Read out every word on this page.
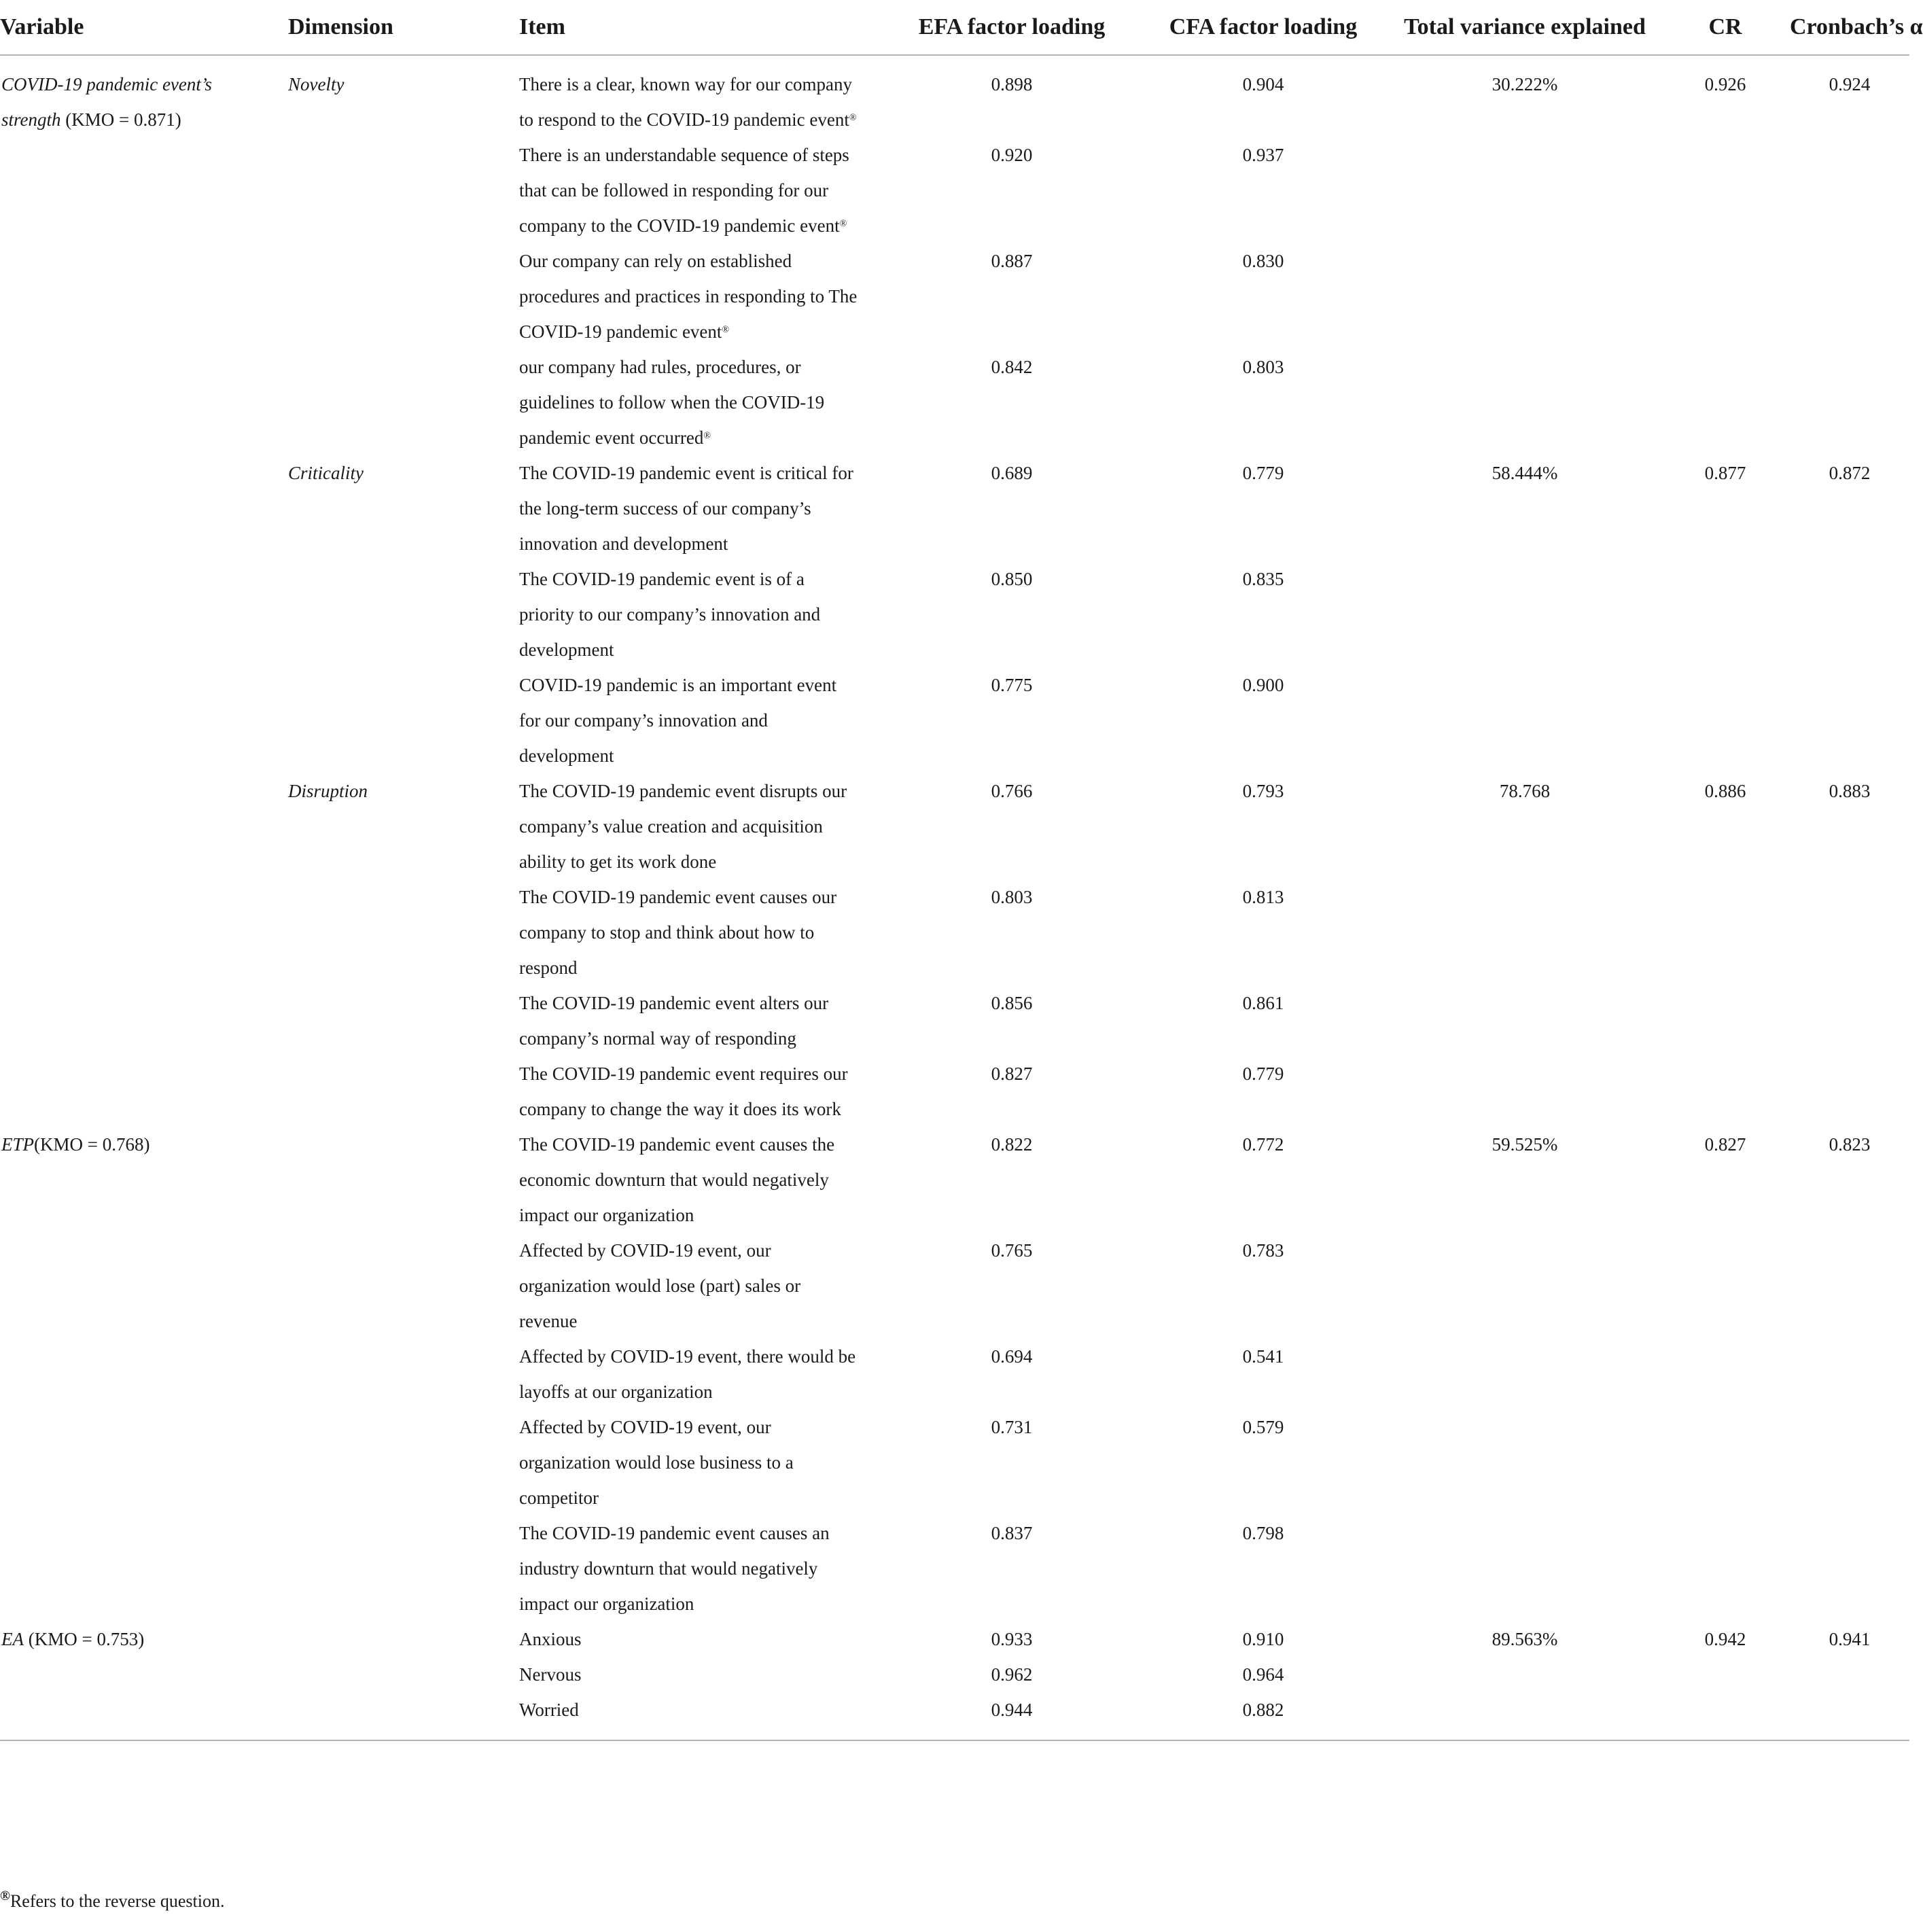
Variable	Dimension	Item	EFA factor loading	CFA factor loading	Total variance explained	CR	Cronbach’s α
COVID-19 pandemic event’s strength (KMO = 0.871)	Novelty	There is a clear, known way for our company to respond to the COVID-19 pandemic event®	0.898	0.904	30.222%	0.926	0.924
		There is an understandable sequence of steps that can be followed in responding for our company to the COVID-19 pandemic event®	0.920	0.937			
		Our company can rely on established procedures and practices in responding to The COVID-19 pandemic event®	0.887	0.830			
		our company had rules, procedures, or guidelines to follow when the COVID-19 pandemic event occurred®	0.842	0.803			
	Criticality	The COVID-19 pandemic event is critical for the long-term success of our company’s innovation and development	0.689	0.779	58.444%	0.877	0.872
		The COVID-19 pandemic event is of a priority to our company’s innovation and development	0.850	0.835			
		COVID-19 pandemic is an important event for our company’s innovation and development	0.775	0.900			
	Disruption	The COVID-19 pandemic event disrupts our company’s value creation and acquisition ability to get its work done	0.766	0.793	78.768	0.886	0.883
		The COVID-19 pandemic event causes our company to stop and think about how to respond	0.803	0.813			
		The COVID-19 pandemic event alters our company’s normal way of responding	0.856	0.861			
		The COVID-19 pandemic event requires our company to change the way it does its work	0.827	0.779			
ETP(KMO = 0.768)		The COVID-19 pandemic event causes the economic downturn that would negatively impact our organization	0.822	0.772	59.525%	0.827	0.823
		Affected by COVID-19 event, our organization would lose (part) sales or revenue	0.765	0.783			
		Affected by COVID-19 event, there would be layoffs at our organization	0.694	0.541			
		Affected by COVID-19 event, our organization would lose business to a competitor	0.731	0.579			
		The COVID-19 pandemic event causes an industry downturn that would negatively impact our organization	0.837	0.798			
EA (KMO = 0.753)		Anxious	0.933	0.910	89.563%	0.942	0.941
		Nervous	0.962	0.964			
		Worried	0.944	0.882			
®Refers to the reverse question.
